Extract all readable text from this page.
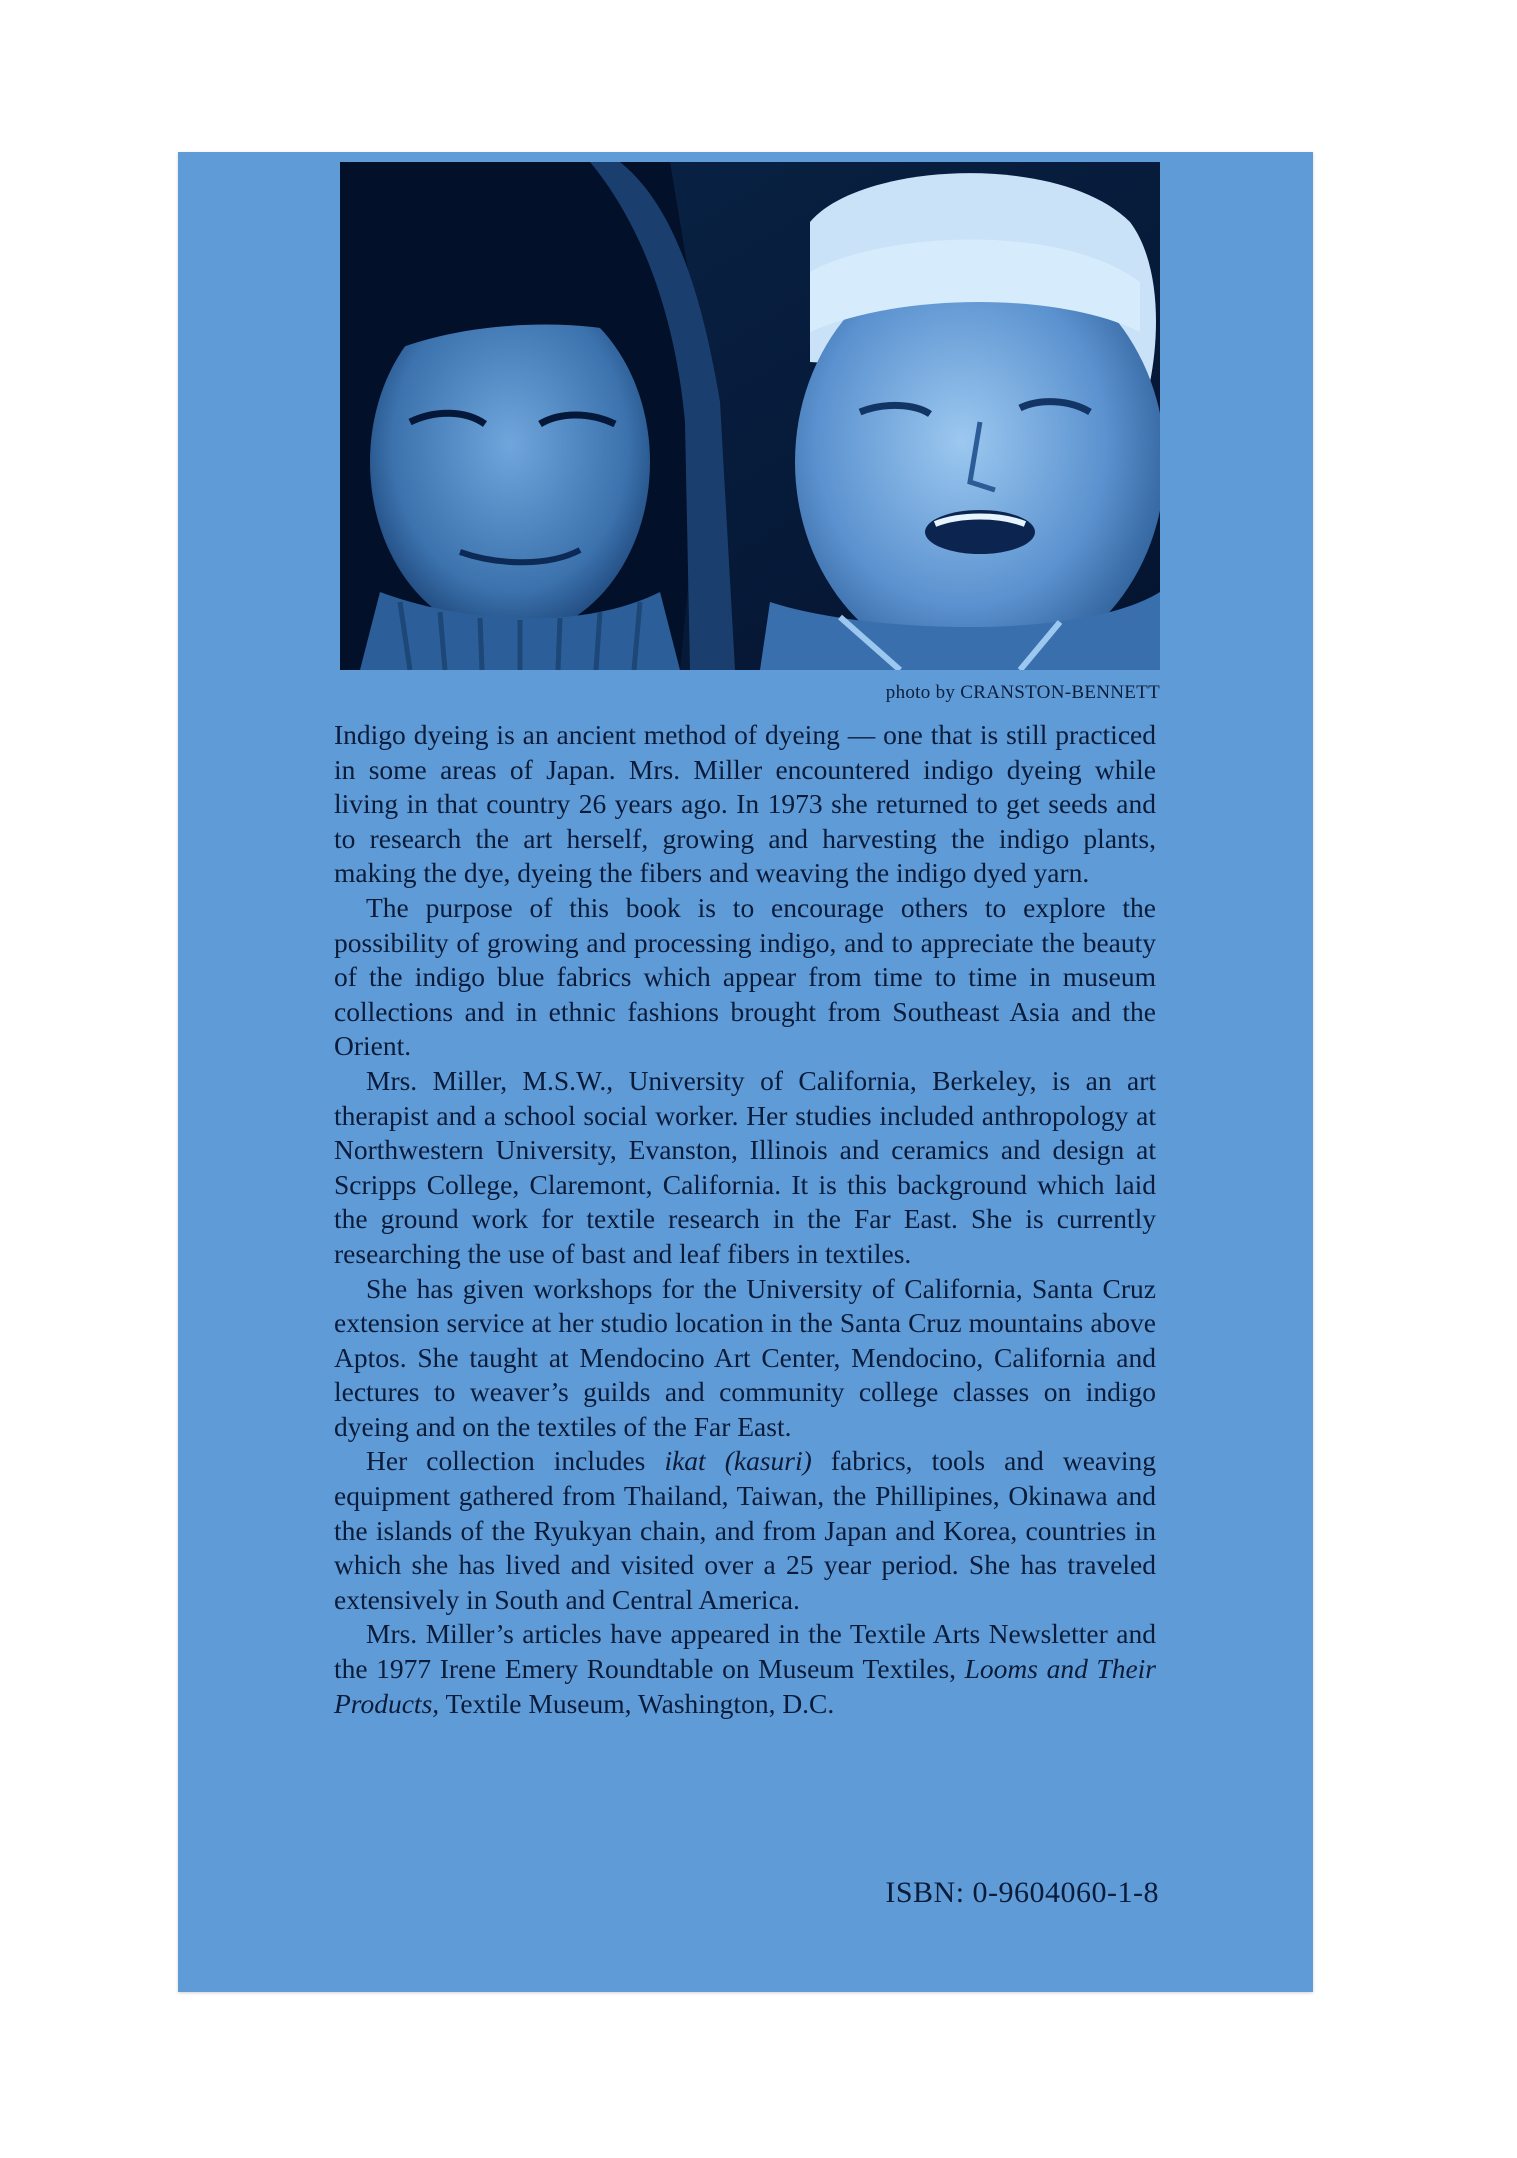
photo by CRANSTON-BENNETT

Indigo dyeing is an ancient method of dyeing — one that is still practiced in some areas of Japan. Mrs. Miller encountered indigo dyeing while living in that country 26 years ago. In 1973 she returned to get seeds and to research the art herself, growing and harvesting the indigo plants, making the dye, dyeing the fibers and weaving the indigo dyed yarn.

The purpose of this book is to encourage others to explore the possibility of growing and processing indigo, and to appreciate the beauty of the indigo blue fabrics which appear from time to time in museum collections and in ethnic fashions brought from Southeast Asia and the Orient.

Mrs. Miller, M.S.W., University of California, Berkeley, is an art therapist and a school social worker. Her studies included anthropology at Northwestern University, Evanston, Illinois and ceramics and design at Scripps College, Claremont, California. It is this background which laid the ground work for textile research in the Far East. She is currently researching the use of bast and leaf fibers in textiles.

She has given workshops for the University of California, Santa Cruz extension service at her studio location in the Santa Cruz mountains above Aptos. She taught at Mendocino Art Center, Mendocino, California and lectures to weaver’s guilds and community college classes on indigo dyeing and on the textiles of the Far East.

Her collection includes ikat (kasuri) fabrics, tools and weaving equipment gathered from Thailand, Taiwan, the Phillipines, Okinawa and the islands of the Ryukyan chain, and from Japan and Korea, countries in which she has lived and visited over a 25 year period. She has traveled extensively in South and Central America.

Mrs. Miller’s articles have appeared in the Textile Arts Newsletter and the 1977 Irene Emery Roundtable on Museum Textiles, Looms and Their Products, Textile Museum, Washington, D.C.

ISBN: 0-9604060-1-8
